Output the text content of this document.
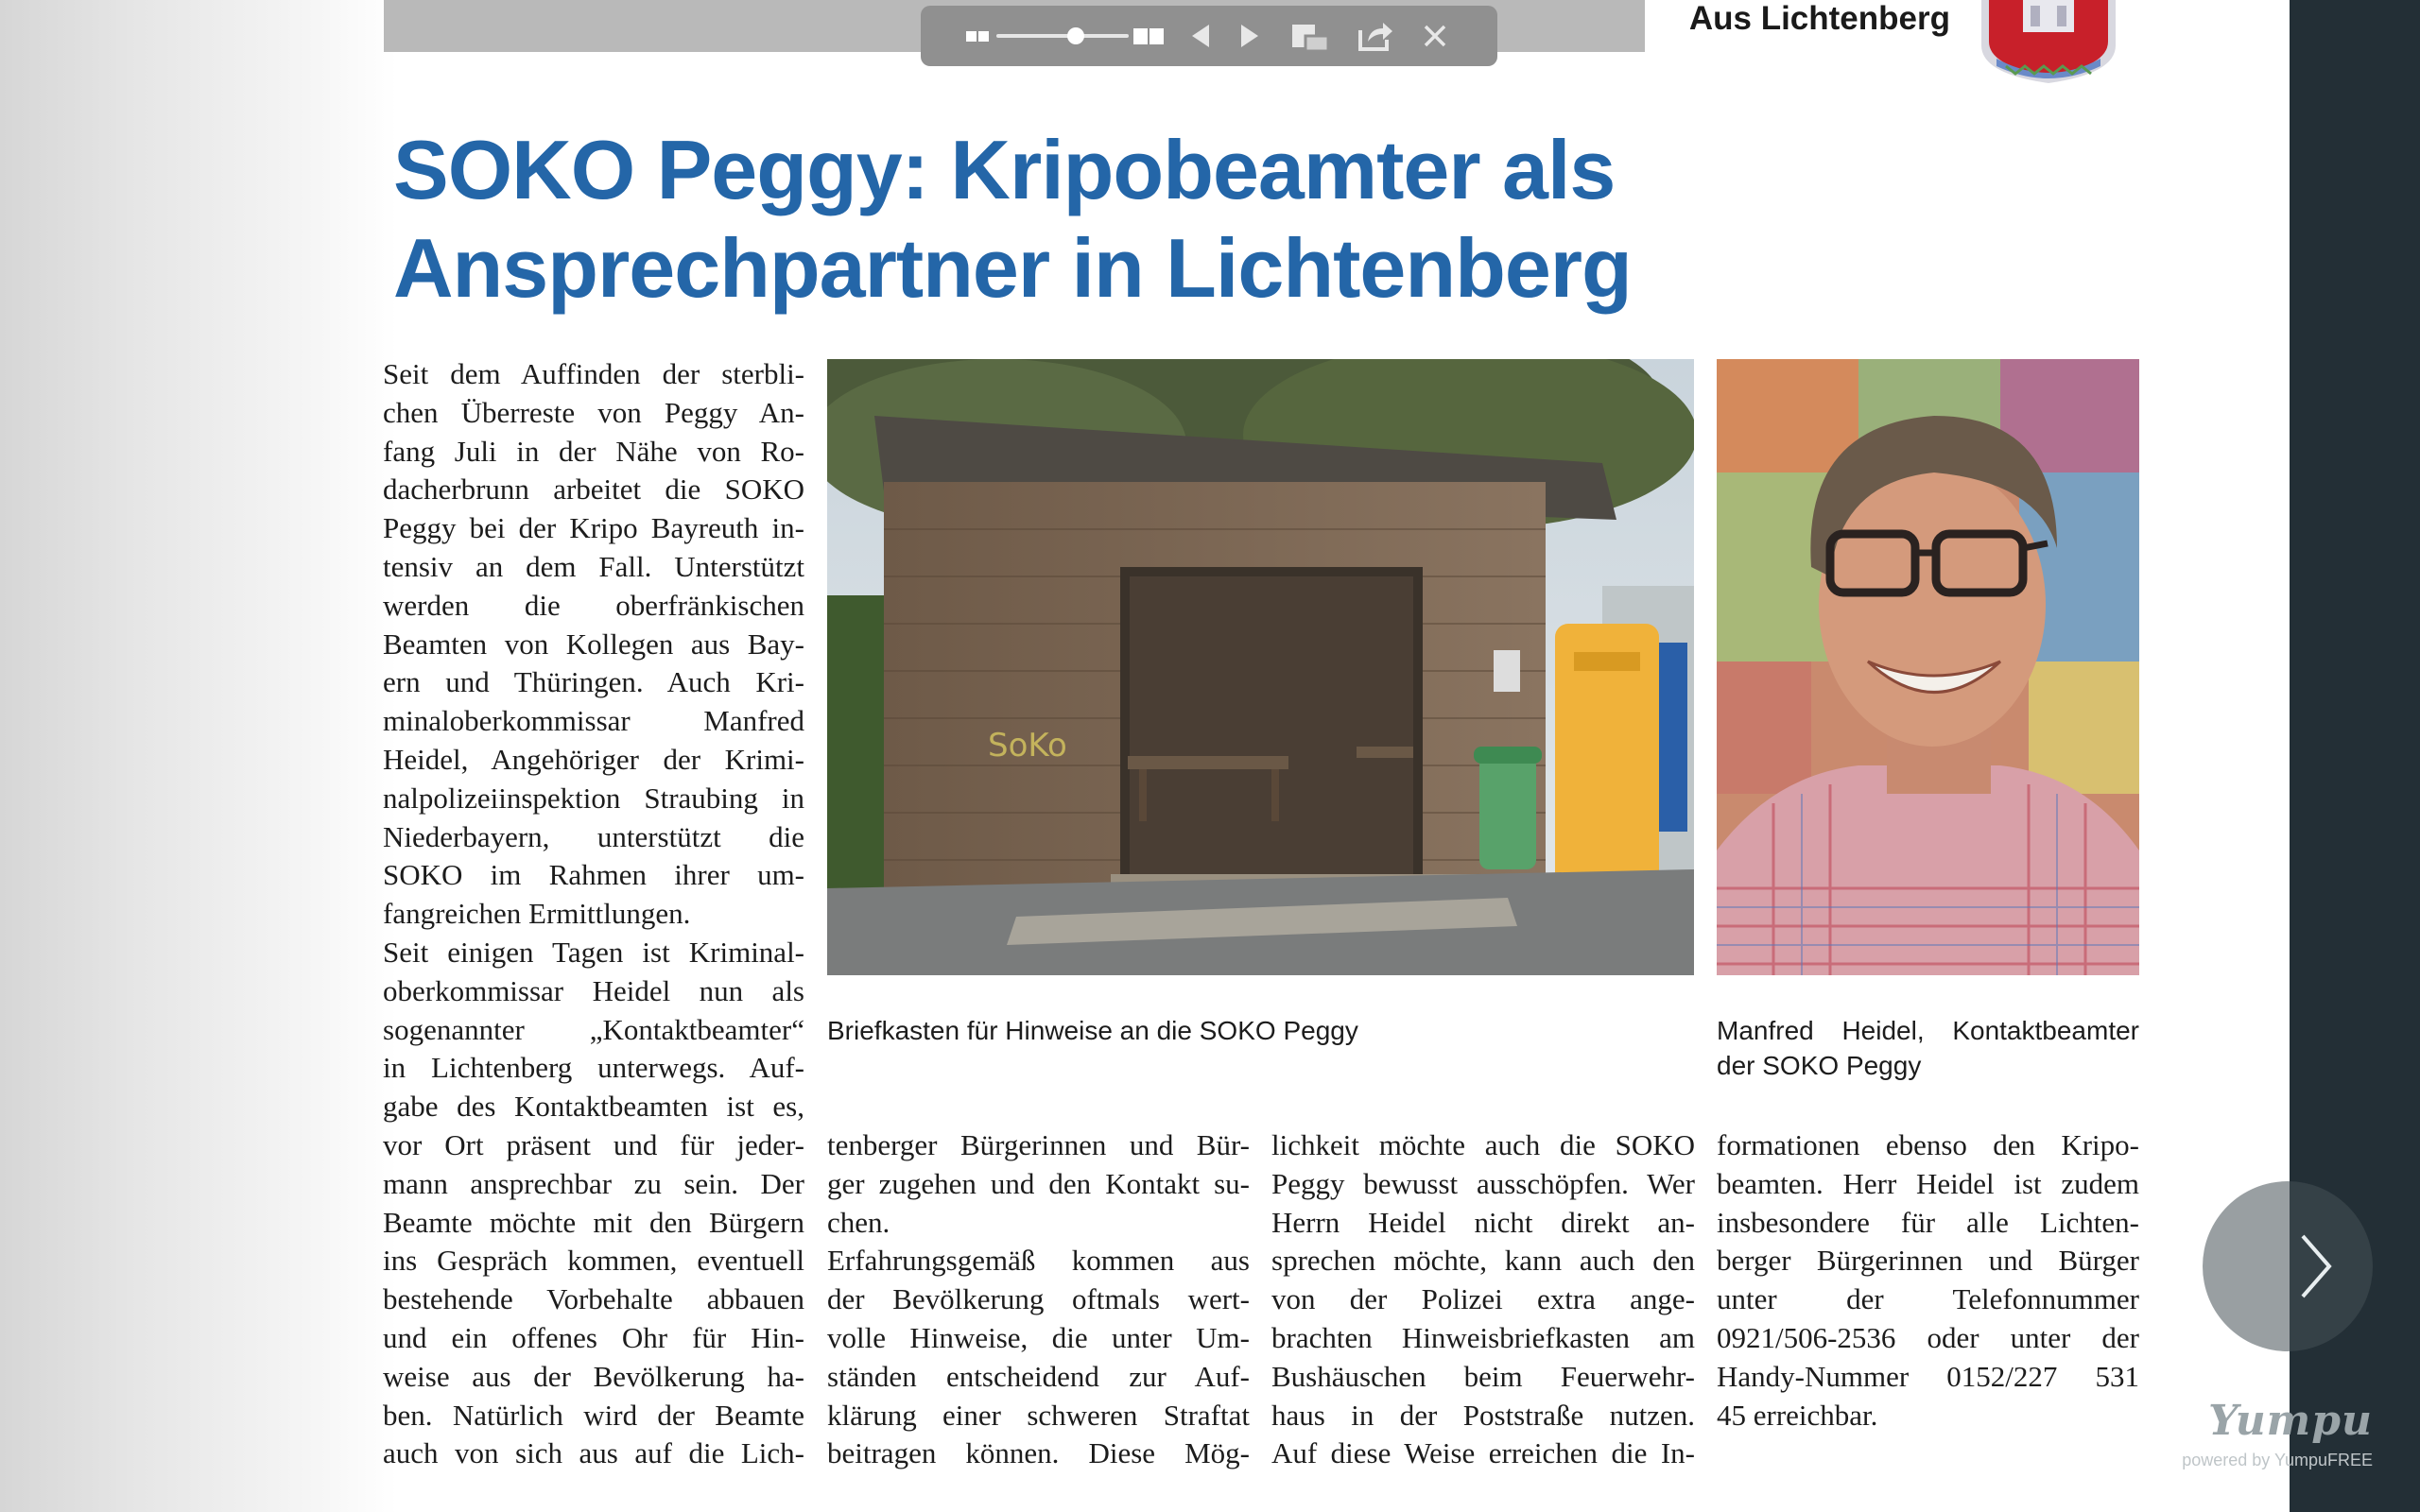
Aus Lichtenberg
SOKO Peggy: Kripobeamter als
Ansprechpartner in Lichtenberg
Seit dem Auffinden der sterbli-
chen Überreste von Peggy An-
fang Juli in der Nähe von Ro-
dacherbrunn arbeitet die SOKO
Peggy bei der Kripo Bayreuth in-
tensiv an dem Fall. Unterstützt
werden die oberfränkischen
Beamten von Kollegen aus Bay-
ern und Thüringen. Auch Kri-
minaloberkommissar Manfred
Heidel, Angehöriger der Krimi-
nalpolizeiinspektion Straubing in
Niederbayern, unterstützt die
SOKO im Rahmen ihrer um-
fangreichen Ermittlungen.
Seit einigen Tagen ist Kriminal-
oberkommissar Heidel nun als
sogenannter „Kontaktbeamter“
in Lichtenberg unterwegs. Auf-
gabe des Kontaktbeamten ist es,
vor Ort präsent und für jeder-
mann ansprechbar zu sein. Der
Beamte möchte mit den Bürgern
ins Gespräch kommen, eventuell
bestehende Vorbehalte abbauen
und ein offenes Ohr für Hin-
weise aus der Bevölkerung ha-
ben. Natürlich wird der Beamte
auch von sich aus auf die Lich-
tenberger Bürgerinnen und Bür-
ger zugehen und den Kontakt su-
chen.
Erfahrungsgemäß kommen aus
der Bevölkerung oftmals wert-
volle Hinweise, die unter Um-
ständen entscheidend zur Auf-
klärung einer schweren Straftat
beitragen können. Diese Mög-
lichkeit möchte auch die SOKO
Peggy bewusst ausschöpfen. Wer
Herrn Heidel nicht direkt an-
sprechen möchte, kann auch den
von der Polizei extra ange-
brachten Hinweisbriefkasten am
Bushäuschen beim Feuerwehr-
haus in der Poststraße nutzen.
Auf diese Weise erreichen die In-
formationen ebenso den Kripo-
beamten. Herr Heidel ist zudem
insbesondere für alle Lichten-
berger Bürgerinnen und Bürger
unter der Telefonnummer
0921/506-2536 oder unter der
Handy-Nummer 0152/227 531
45 erreichbar.
SoKo
Briefkasten für Hinweise an die SOKO Peggy	Manfred Heidel, Kontaktbeamter
der SOKO Peggy
Yumpu
powered by YumpuFREE
